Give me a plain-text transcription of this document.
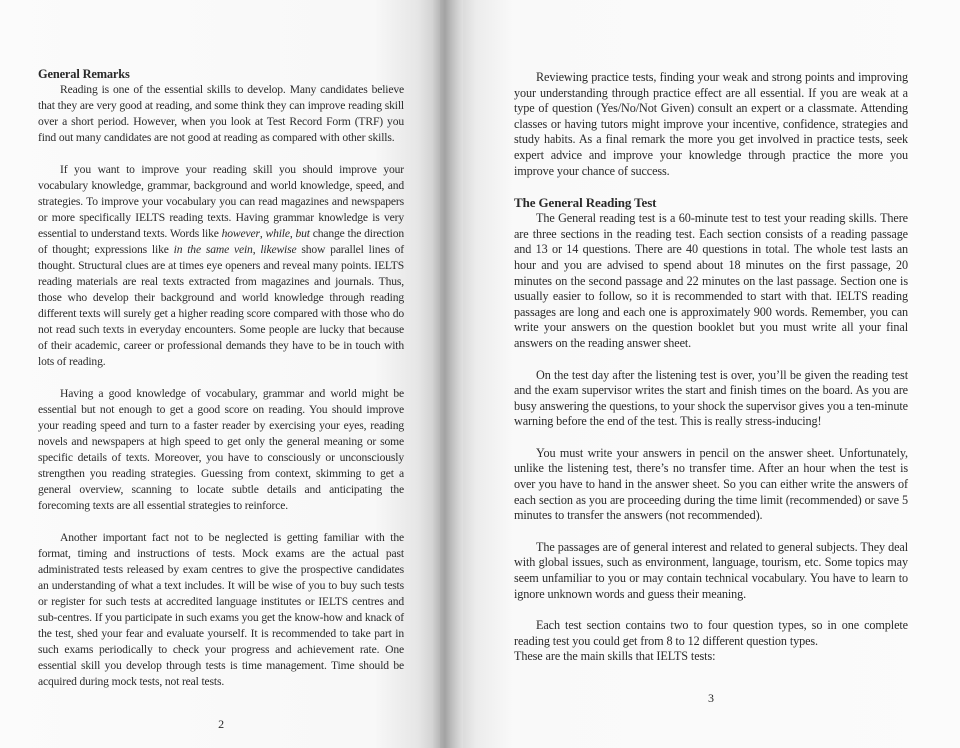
General Remarks

Reading is one of the essential skills to develop. Many candidates believe that they are very good at reading, and some think they can improve reading skill over a short period. However, when you look at Test Record Form (TRF) you find out many candidates are not good at reading as compared with other skills.

If you want to improve your reading skill you should improve your vocabulary knowledge, grammar, background and world knowledge, speed, and strategies. To improve your vocabulary you can read magazines and newspapers or more specifically IELTS reading texts. Having grammar knowledge is very essential to understand texts. Words like however, while, but change the direction of thought; expressions like in the same vein, likewise show parallel lines of thought. Structural clues are at times eye openers and reveal many points. IELTS reading materials are real texts extracted from magazines and journals. Thus, those who develop their background and world knowledge through reading different texts will surely get a higher reading score compared with those who do not read such texts in everyday encounters. Some people are lucky that because of their academic, career or professional demands they have to be in touch with lots of reading.

Having a good knowledge of vocabulary, grammar and world might be essential but not enough to get a good score on reading. You should improve your reading speed and turn to a faster reader by exercising your eyes, reading novels and newspapers at high speed to get only the general meaning or some specific details of texts. Moreover, you have to consciously or unconsciously strengthen you reading strategies. Guessing from context, skimming to get a general overview, scanning to locate subtle details and anticipating the forecoming texts are all essential strategies to reinforce.

Another important fact not to be neglected is getting familiar with the format, timing and instructions of tests. Mock exams are the actual past administrated tests released by exam centres to give the prospective candidates an understanding of what a text includes. It will be wise of you to buy such tests or register for such tests at accredited language institutes or IELTS centres and sub-centres. If you participate in such exams you get the know-how and knack of the test, shed your fear and evaluate yourself. It is recommended to take part in such exams periodically to check your progress and achievement rate. One essential skill you develop through tests is time management. Time should be acquired during mock tests, not real tests.

2

Reviewing practice tests, finding your weak and strong points and improving your understanding through practice effect are all essential. If you are weak at a type of question (Yes/No/Not Given) consult an expert or a classmate. Attending classes or having tutors might improve your incentive, confidence, strategies and study habits. As a final remark the more you get involved in practice tests, seek expert advice and improve your knowledge through practice the more you improve your chance of success.

The General Reading Test

The General reading test is a 60-minute test to test your reading skills. There are three sections in the reading test. Each section consists of a reading passage and 13 or 14 questions. There are 40 questions in total. The whole test lasts an hour and you are advised to spend about 18 minutes on the first passage, 20 minutes on the second passage and 22 minutes on the last passage. Section one is usually easier to follow, so it is recommended to start with that. IELTS reading passages are long and each one is approximately 900 words. Remember, you can write your answers on the question booklet but you must write all your final answers on the reading answer sheet.

On the test day after the listening test is over, you’ll be given the reading test and the exam supervisor writes the start and finish times on the board. As you are busy answering the questions, to your shock the supervisor gives you a ten-minute warning before the end of the test. This is really stress-inducing!

You must write your answers in pencil on the answer sheet. Unfortunately, unlike the listening test, there’s no transfer time. After an hour when the test is over you have to hand in the answer sheet. So you can either write the answers of each section as you are proceeding during the time limit (recommended) or save 5 minutes to transfer the answers (not recommended).

The passages are of general interest and related to general subjects. They deal with global issues, such as environment, language, tourism, etc. Some topics may seem unfamiliar to you or may contain technical vocabulary. You have to learn to ignore unknown words and guess their meaning.

Each test section contains two to four question types, so in one complete reading test you could get from 8 to 12 different question types.

These are the main skills that IELTS tests:

3
